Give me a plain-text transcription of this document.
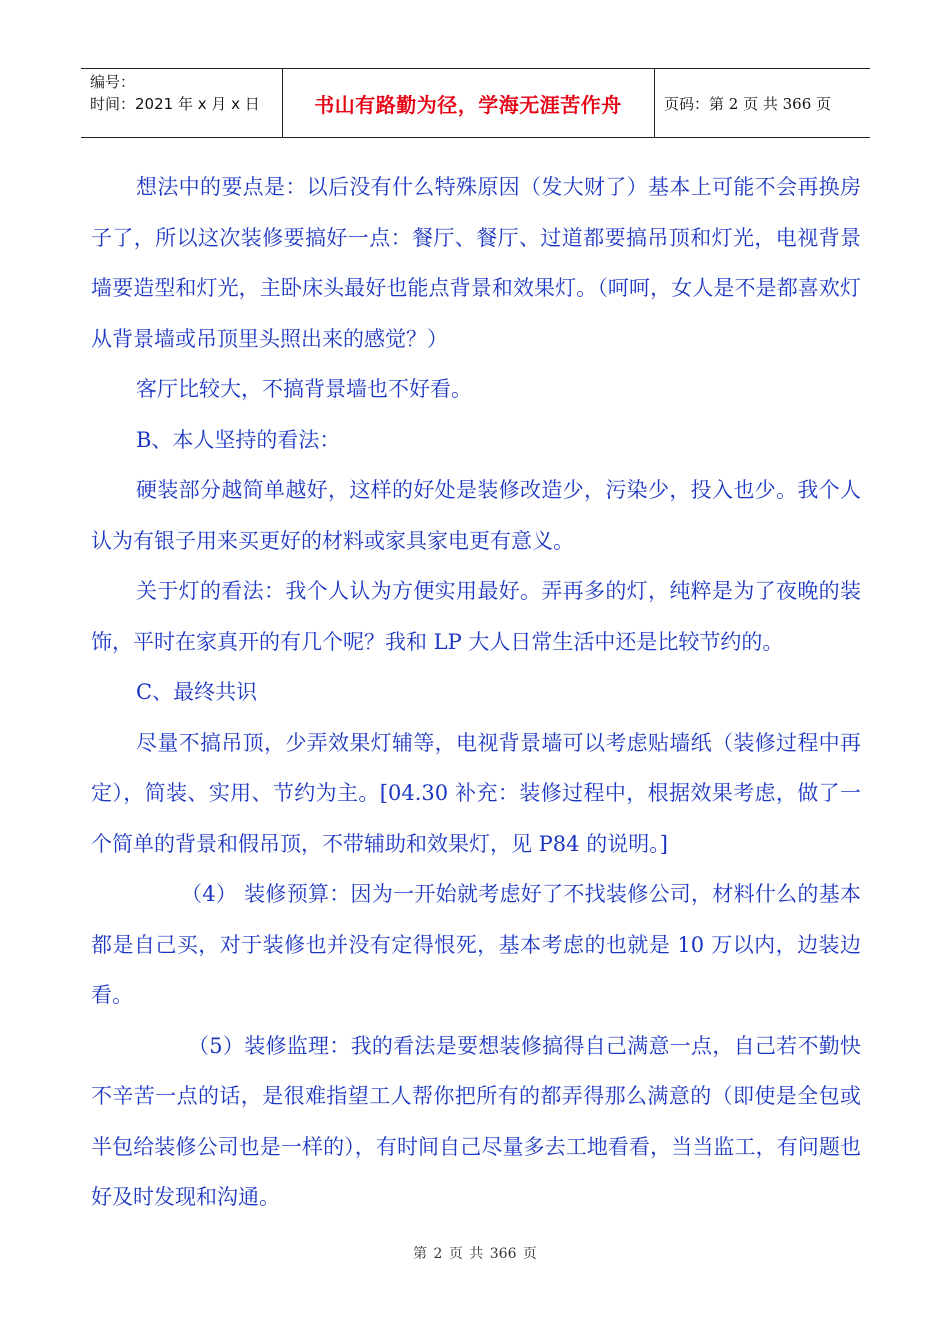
编号：
时间：2021 年 x 月 x 日	书山有路勤为径，学海无涯苦作舟	页码：第 2 页 共 366 页

想法中的要点是：以后没有什么特殊原因（发大财了）基本上可能不会再换房子了，所以这次装修要搞好一点：餐厅、餐厅、过道都要搞吊顶和灯光，电视背景墙要造型和灯光，主卧床头最好也能点背景和效果灯。（呵呵，女人是不是都喜欢灯从背景墙或吊顶里头照出来的感觉？）

客厅比较大，不搞背景墙也不好看。

B、本人坚持的看法：

硬装部分越简单越好，这样的好处是装修改造少，污染少，投入也少。我个人认为有银子用来买更好的材料或家具家电更有意义。

关于灯的看法：我个人认为方便实用最好。弄再多的灯，纯粹是为了夜晚的装饰，平时在家真开的有几个呢？我和 LP 大人日常生活中还是比较节约的。

C、最终共识

尽量不搞吊顶，少弄效果灯辅等，电视背景墙可以考虑贴墙纸（装修过程中再定），简装、实用、节约为主。[04.30 补充：装修过程中，根据效果考虑，做了一个简单的背景和假吊顶，不带辅助和效果灯，见 P84 的说明。]

（4） 装修预算：因为一开始就考虑好了不找装修公司，材料什么的基本都是自己买，对于装修也并没有定得恨死，基本考虑的也就是 10 万以内，边装边看。

（5）装修监理：我的看法是要想装修搞得自己满意一点，自己若不勤快不辛苦一点的话，是很难指望工人帮你把所有的都弄得那么满意的（即使是全包或半包给装修公司也是一样的），有时间自己尽量多去工地看看，当当监工，有问题也好及时发现和沟通。

第 2 页 共 366 页
